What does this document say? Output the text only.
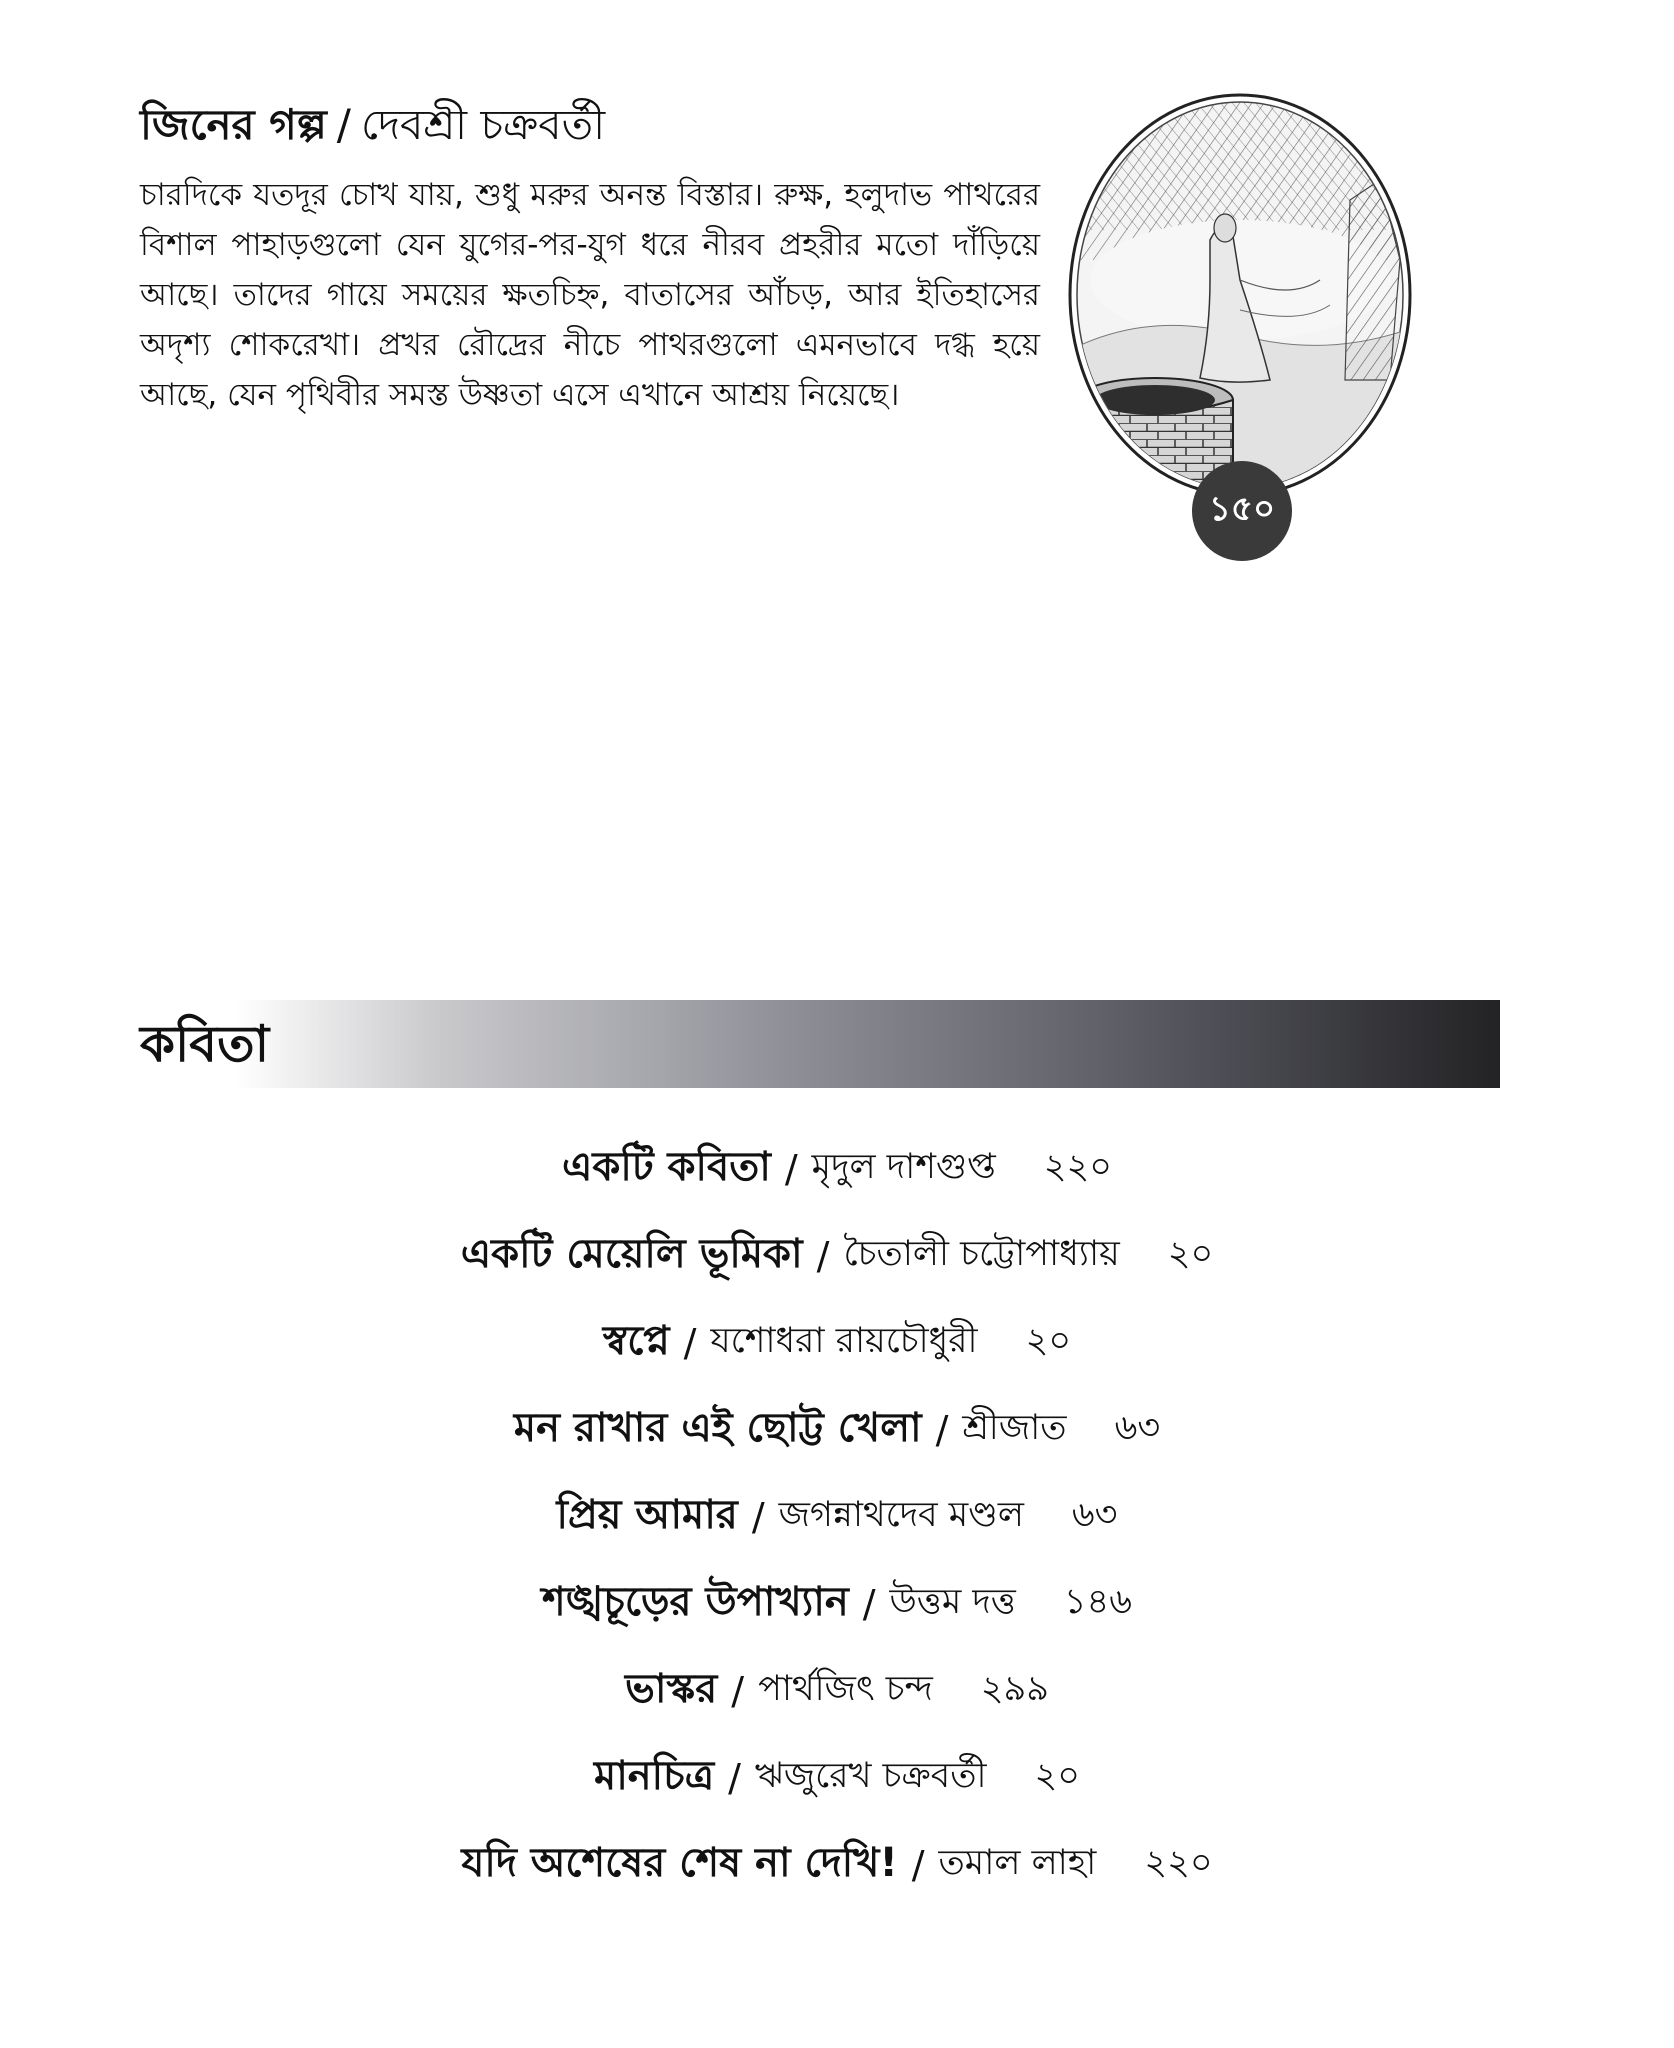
জিনের গল্প / দেবশ্রী চক্রবর্তী

চারদিকে যতদূর চোখ যায়, শুধু মরুর অনন্ত বিস্তার। রুক্ষ, হলুদাভ পাথরের বিশাল পাহাড়গুলো যেন যুগের-পর-যুগ ধরে নীরব প্রহরীর মতো দাঁড়িয়ে আছে। তাদের গায়ে সময়ের ক্ষতচিহ্ন, বাতাসের আঁচড়, আর ইতিহাসের অদৃশ্য শোকরেখা। প্রখর রৌদ্রের নীচে পাথরগুলো এমনভাবে দগ্ধ হয়ে আছে, যেন পৃথিবীর সমস্ত উষ্ণতা এসে এখানে আশ্রয় নিয়েছে।

১৫০
কবিতা
একটি কবিতা / মৃদুল দাশগুপ্ত ২২০
একটি মেয়েলি ভূমিকা / চৈতালী চট্টোপাধ্যায় ২০
স্বপ্নে / যশোধরা রায়চৌধুরী ২০
মন রাখার এই ছোট্ট খেলা / শ্রীজাত ৬৩
প্রিয় আমার / জগন্নাথদেব মণ্ডল ৬৩
শঙ্খচূড়ের উপাখ্যান / উত্তম দত্ত ১৪৬
ভাস্কর / পার্থজিৎ চন্দ ২৯৯
মানচিত্র / ঋজুরেখ চক্রবর্তী ২০
যদি অশেষের শেষ না দেখি! / তমাল লাহা ২২০
